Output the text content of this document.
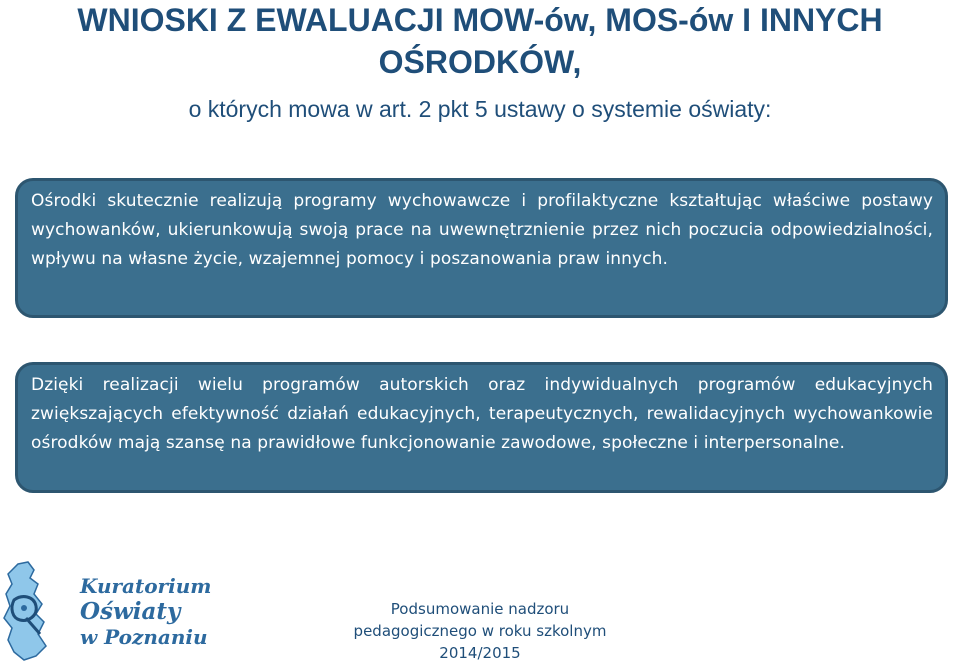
WNIOSKI Z EWALUACJI MOW-ów, MOS-ów I INNYCH
OŚRODKÓW,

o których mowa w art. 2 pkt 5 ustawy o systemie oświaty:

Ośrodki skutecznie realizują programy wychowawcze i profilaktyczne kształtując właściwe postawy wychowanków, ukierunkowują swoją prace na uwewnętrznienie przez nich poczucia odpowiedzialności, wpływu na własne życie, wzajemnej pomocy i poszanowania praw innych.

Dzięki realizacji wielu programów autorskich oraz indywidualnych programów edukacyjnych zwiększających efektywność działań edukacyjnych, terapeutycznych, rewalidacyjnych wychowankowie ośrodków mają szansę na prawidłowe funkcjonowanie zawodowe, społeczne i interpersonalne.

Kuratorium
Oświaty
w Poznaniu
Podsumowanie nadzoru
pedagogicznego w roku szkolnym
2014/2015
